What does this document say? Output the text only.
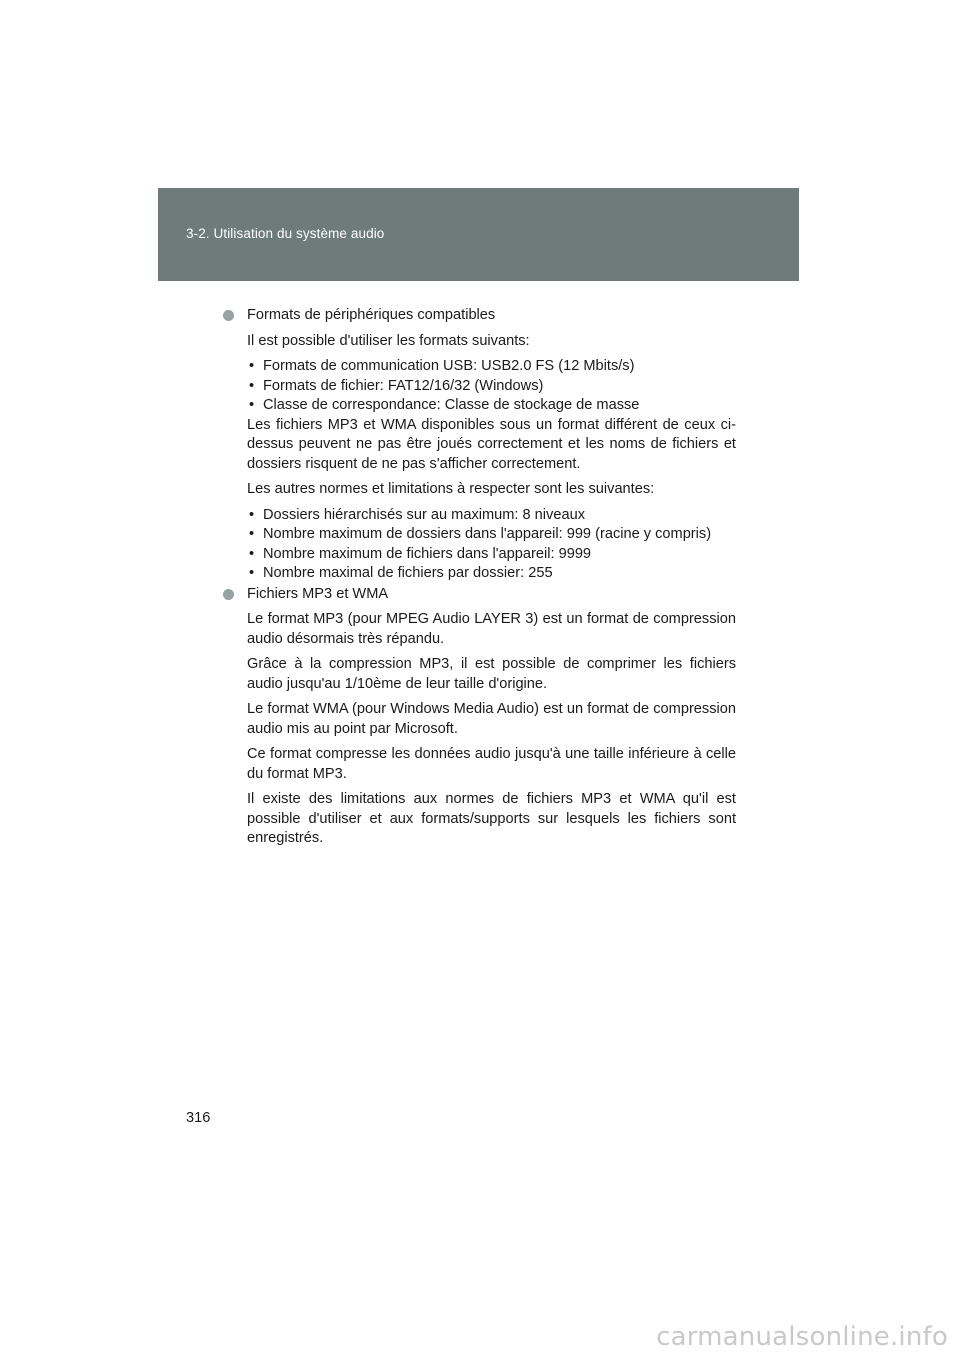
3-2. Utilisation du système audio
Formats de périphériques compatibles
Il est possible d'utiliser les formats suivants:
• Formats de communication USB: USB2.0 FS (12 Mbits/s)
• Formats de fichier: FAT12/16/32 (Windows)
• Classe de correspondance: Classe de stockage de masse
Les fichiers MP3 et WMA disponibles sous un format différent de ceux ci-dessus peuvent ne pas être joués correctement et les noms de fichiers et dossiers risquent de ne pas s'afficher correctement.
Les autres normes et limitations à respecter sont les suivantes:
• Dossiers hiérarchisés sur au maximum: 8 niveaux
• Nombre maximum de dossiers dans l'appareil: 999 (racine y compris)
• Nombre maximum de fichiers dans l'appareil: 9999
• Nombre maximal de fichiers par dossier: 255
Fichiers MP3 et WMA
Le format MP3 (pour MPEG Audio LAYER 3) est un format de compression audio désormais très répandu.
Grâce à la compression MP3, il est possible de comprimer les fichiers audio jusqu'au 1/10ème de leur taille d'origine.
Le format WMA (pour Windows Media Audio) est un format de compression audio mis au point par Microsoft.
Ce format compresse les données audio jusqu'à une taille inférieure à celle du format MP3.
Il existe des limitations aux normes de fichiers MP3 et WMA qu'il est possible d'utiliser et aux formats/supports sur lesquels les fichiers sont enregistrés.
316
carmanualsonline.info
